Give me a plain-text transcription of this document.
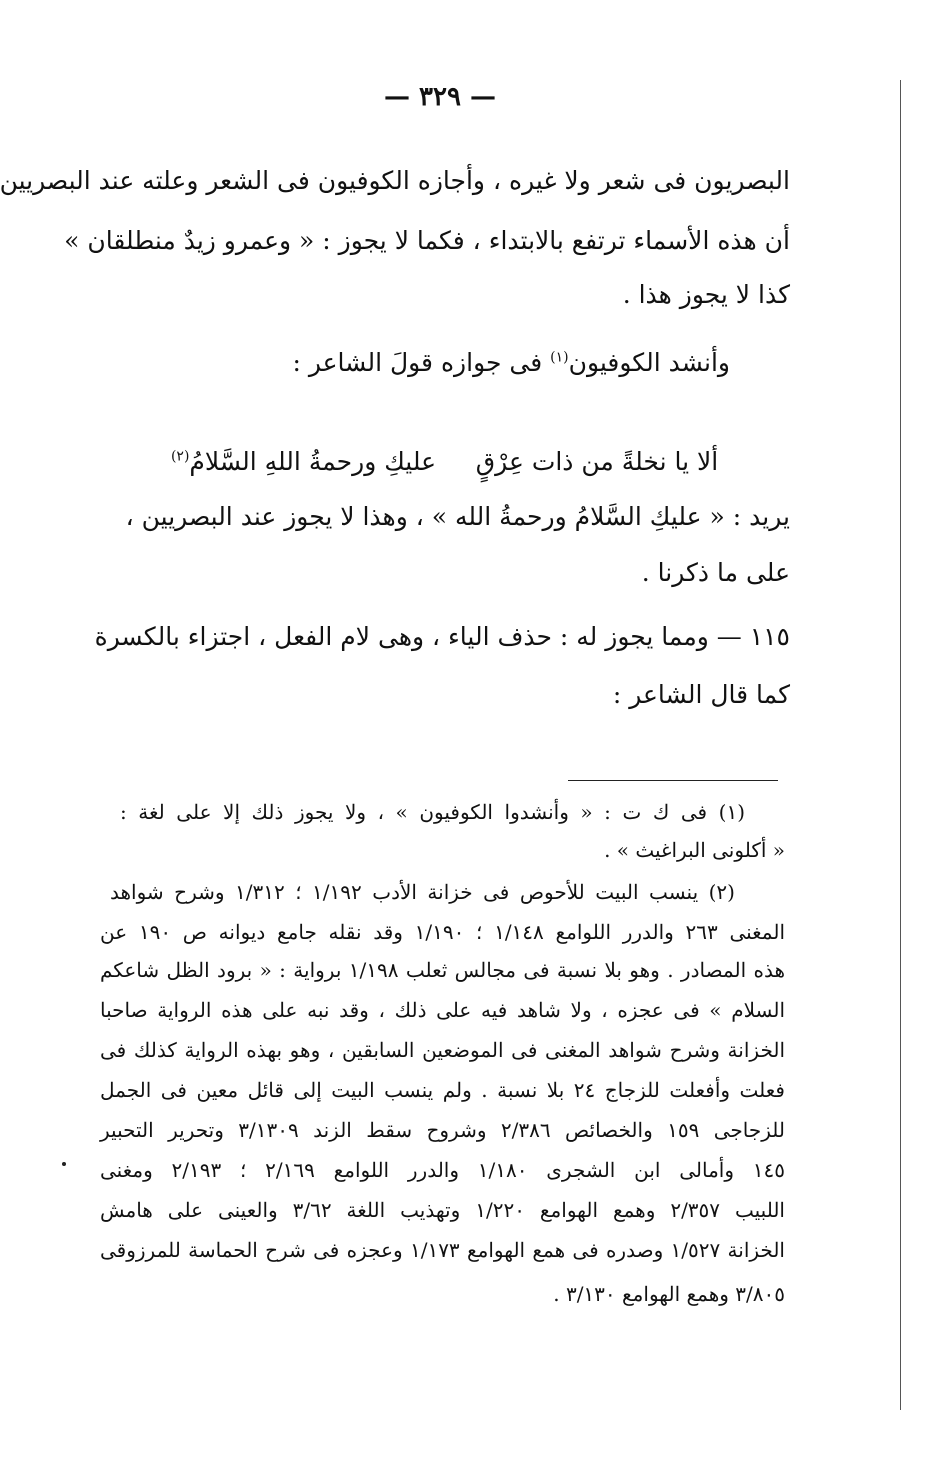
— ٣٢٩ —
البصريون فى شعر ولا غيره ، وأجازه الكوفيون فى الشعر وعلته عند البصريين
أن هذه الأسماء ترتفع بالابتداء ، فكما لا يجوز : « وعمرو زيدٌ منطلقان »
كذا لا يجوز هذا .
وأنشد الكوفيون$^{(١)}$ فى جوازه قولَ الشاعر :

ألا يا نخلةً من ذات عِرْقٍ     عليكِ ورحمةُ اللهِ السَّلامُ$^{(٢)}$

يريد : « عليكِ السَّلامُ ورحمةُ الله » ، وهذا لا يجوز عند البصريين ،
على ما ذكرنا .
١١٥ — ومما يجوز له : حذف الياء ، وهى لام الفعل ، اجتزاء بالكسرة
كما قال الشاعر :
(١) فى ك ت : « وأنشدوا الكوفيون » ، ولا يجوز ذلك إلا على لغة :
« أكلونى البراغيث » .
(٢) ينسب البيت للأحوص فى خزانة الأدب ١/١٩٢ ؛ ١/٣١٢ وشرح شواهد
المغنى ٢٦٣ والدرر اللوامع ١/١٤٨ ؛ ١/١٩٠ وقد نقله جامع ديوانه ص ١٩٠ عن
هذه المصادر . وهو بلا نسبة فى مجالس ثعلب ١/١٩٨ برواية : « برود الظل شاعكم
السلام » فى عجزه ، ولا شاهد فيه على ذلك ، وقد نبه على هذه الرواية صاحبا
الخزانة وشرح شواهد المغنى فى الموضعين السابقين ، وهو بهذه الرواية كذلك فى
فعلت وأفعلت للزجاج ٢٤ بلا نسبة . ولم ينسب البيت إلى قائل معين فى الجمل
للزجاجى ١٥٩ والخصائص ٢/٣٨٦ وشروح سقط الزند ٣/١٣٠٩ وتحرير التحبير
١٤٥ وأمالى ابن الشجرى ١/١٨٠ والدرر اللوامع ٢/١٦٩ ؛ ٢/١٩٣ ومغنى
اللبيب ٢/٣٥٧ وهمع الهوامع ١/٢٢٠ وتهذيب اللغة ٣/٦٢ والعينى على هامش
الخزانة ١/٥٢٧ وصدره فى همع الهوامع ١/١٧٣ وعجزه فى شرح الحماسة للمرزوقى
٣/٨٠٥ وهمع الهوامع ٣/١٣٠ .
